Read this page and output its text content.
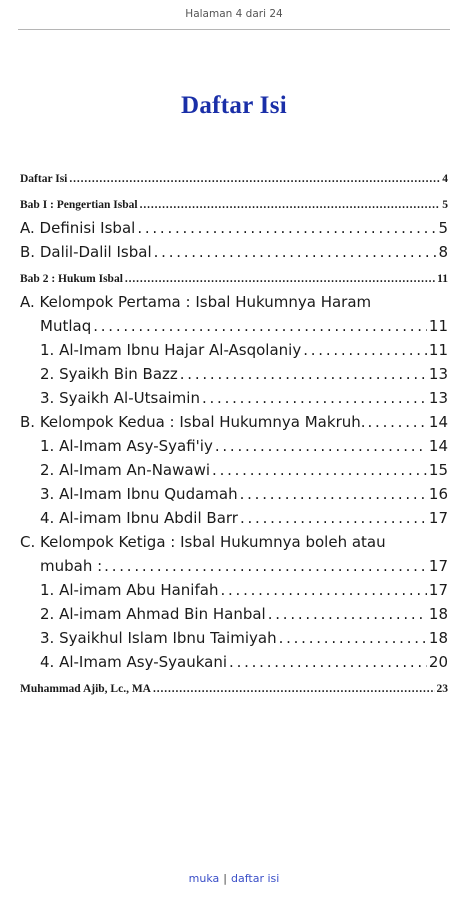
Halaman 4 dari 24
Daftar Isi
Daftar Isi . . .	4
Bab I : Pengertian Isbal . . .	5
A. Definisi Isbal . . .	5
B. Dalil-Dalil Isbal . . .	8
Bab 2 : Hukum Isbal . . .	11
A. Kelompok Pertama : Isbal Hukumnya Haram
Mutlaq . . .	11
1. Al-Imam Ibnu Hajar Al-Asqolaniy . . .	11
2. Syaikh Bin Bazz . . .	13
3. Syaikh Al-Utsaimin . . .	13
B. Kelompok Kedua : Isbal Hukumnya Makruh. . . .	14
1. Al-Imam Asy-Syafi'iy . . .	14
2. Al-Imam An-Nawawi . . .	15
3. Al-Imam Ibnu Qudamah . . .	16
4. Al-imam Ibnu Abdil Barr . . .	17
C. Kelompok Ketiga : Isbal Hukumnya boleh atau
mubah : . . .	17
1. Al-imam Abu Hanifah . . .	17
2. Al-imam Ahmad Bin Hanbal . . .	18
3. Syaikhul Islam Ibnu Taimiyah . . .	18
4. Al-Imam Asy-Syaukani . . .	20
Muhammad Ajib, Lc., MA . . .	23
muka | daftar isi
